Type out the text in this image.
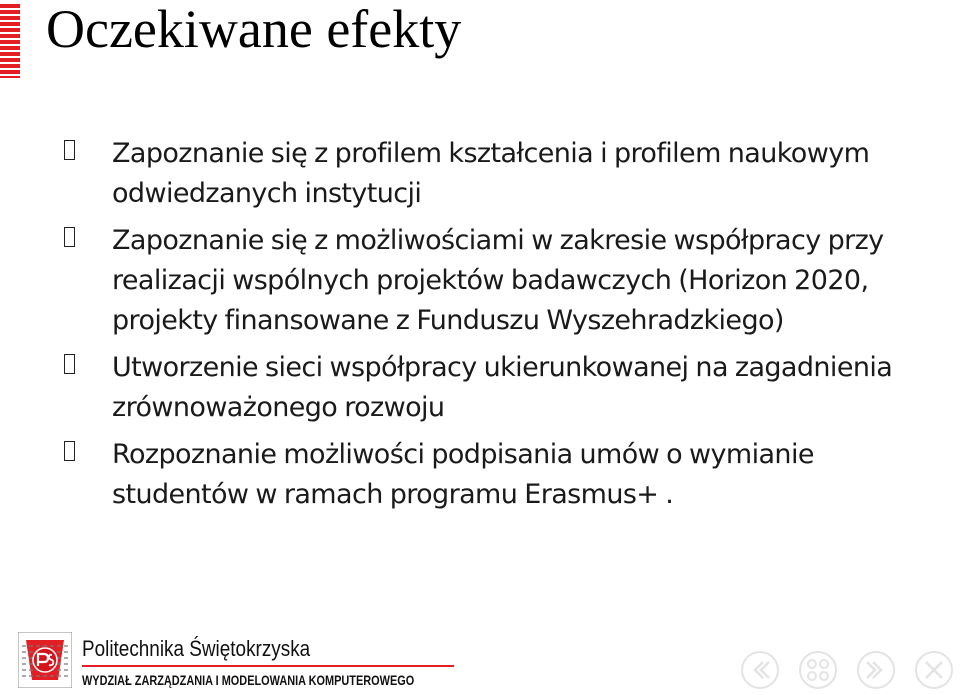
Oczekiwane efekty
Zapoznanie się z profilem kształcenia i profilem naukowym odwiedzanych instytucji
Zapoznanie się z możliwościami w zakresie współpracy przy realizacji wspólnych projektów badawczych (Horizon 2020, projekty finansowane z Funduszu Wyszehradzkiego)
Utworzenie sieci współpracy ukierunkowanej na zagadnienia zrównoważonego rozwoju
Rozpoznanie możliwości podpisania umów o wymianie studentów w ramach programu Erasmus+ .

Politechnika Świętokrzyska

WYDZIAŁ ZARZĄDZANIA I MODELOWANIA KOMPUTEROWEGO
